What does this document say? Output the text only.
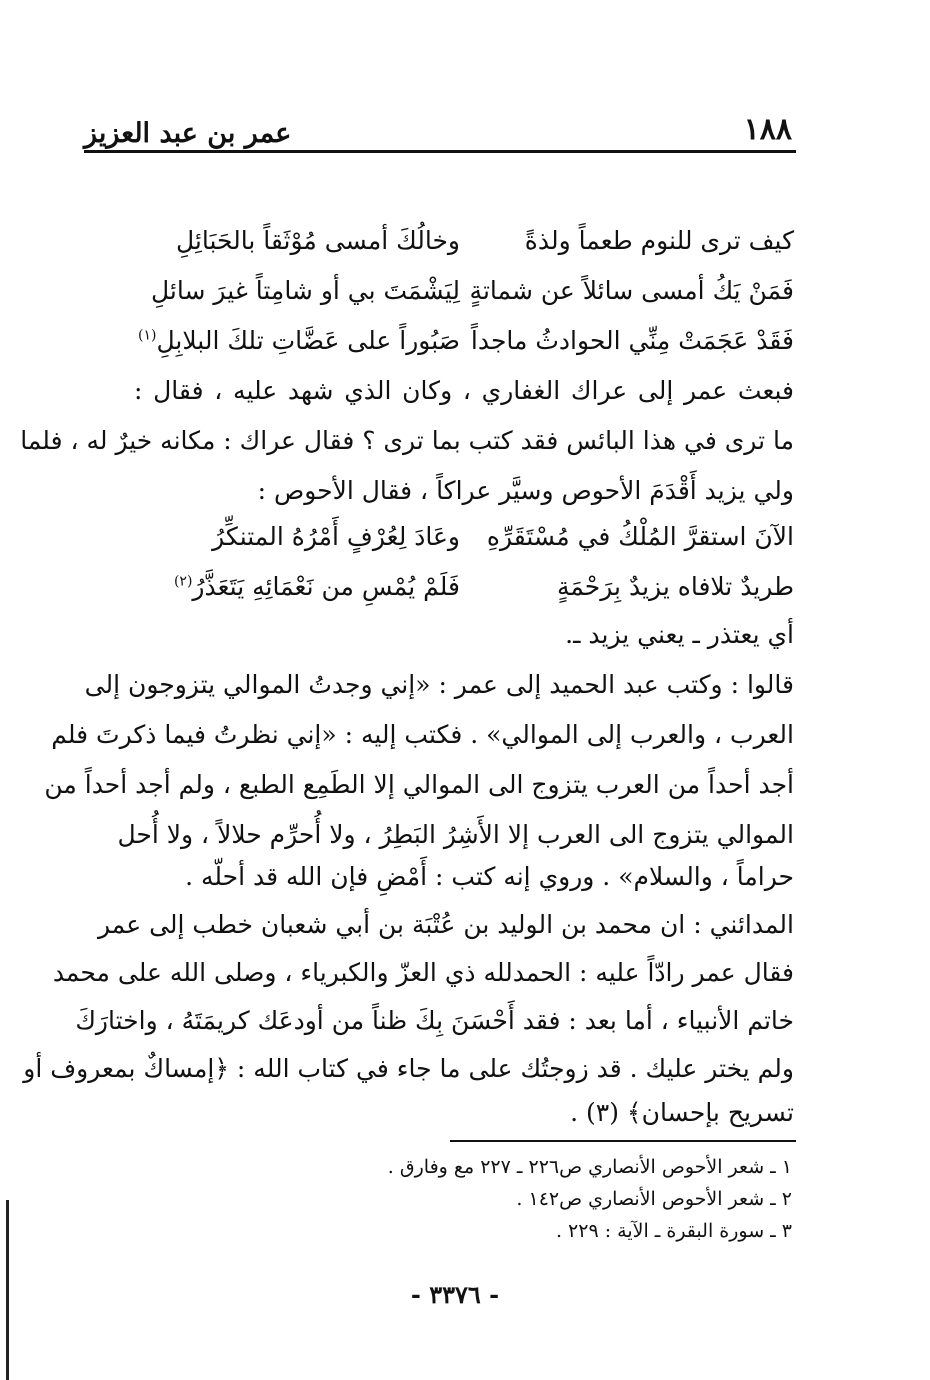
١٨٨
عمر بن عبد العزيز
كيف ترى للنوم طعماً ولذةً
وخالُكَ أمسى مُوْثَقاً بالحَبَائِلِ
فَمَنْ يَكُ أمسى سائلاً عن شماتةٍ
لِيَشْمَتَ بي أو شامِتاً غيرَ سائلِ
فَقَدْ عَجَمَتْ مِنِّي الحوادثُ ماجداً
صَبُوراً على عَضَّاتِ تلكَ البلابِلِ$^{(١)}$
فبعث عمر إلى عراك الغفاري ، وكان الذي شهد عليه ، فقال :
ما ترى في هذا البائس فقد كتب بما ترى ؟ فقال عراك : مكانه خيرٌ له ، فلما
ولي يزيد أَقْدَمَ الأحوص وسيَّر عراكاً ، فقال الأحوص :
الآنَ استقرَّ المُلْكُ في مُسْتَقَرِّهِ
وعَادَ لِعُرْفٍ أَمْرُهُ المتنكِّرُ
طريدٌ تلافاه يزيدٌ بِرَحْمَةٍ
فَلَمْ يُمْسِ من نَعْمَائِهِ يَتَعَذَّرُ$^{(٢)}$
أي يعتذر ـ يعني يزيد ـ.
قالوا : وكتب عبد الحميد إلى عمر : «إني وجدتُ الموالي يتزوجون إلى
العرب ، والعرب إلى الموالي» . فكتب إليه : «إني نظرتُ فيما ذكرتَ فلم
أجد أحداً من العرب يتزوج الى الموالي إلا الطَمِع الطبع ، ولم أجد أحداً من
الموالي يتزوج الى العرب إلا الأَشِرُ البَطِرُ ، ولا أُحرِّم حلالاً ، ولا أُحل
حراماً ، والسلام» . وروي إنه كتب : أَمْضِ فإن الله قد أحلّه .
المدائني : ان محمد بن الوليد بن عُتْبَة بن أبي شعبان خطب إلى عمر
فقال عمر رادّاً عليه : الحمدلله ذي العزّ والكبرياء ، وصلى الله على محمد
خاتم الأنبياء ، أما بعد : فقد أَحْسَنَ بِكَ ظناً من أودعَك كريمَتَهُ ، واختارَكَ
ولم يختر عليك . قد زوجتُك على ما جاء في كتاب الله : ﴿إمساكٌ بمعروف أو
تسريح بإحسان﴾ (٣) .
١ ـ شعر الأحوص الأنصاري ص٢٢٦ ـ ٢٢٧ مع وفارق .
٢ ـ شعر الأحوص الأنصاري ص١٤٢ .
٣ ـ سورة البقرة ـ الآية : ٢٢٩ .
- ٣٣٧٦ -
